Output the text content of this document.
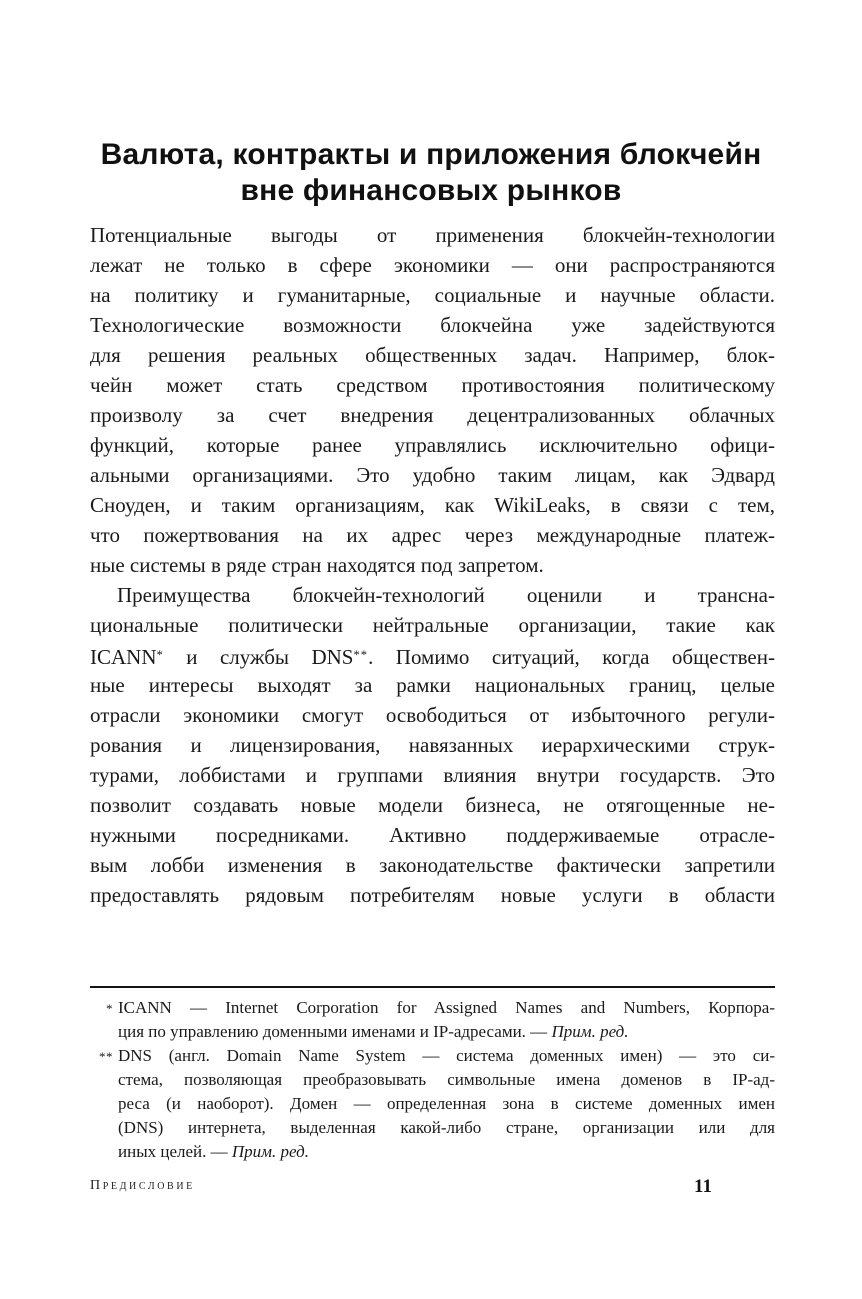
Валюта, контракты и приложения блокчейн
вне финансовых рынков
Потенциальные выгоды от применения блокчейн-технологии
лежат не только в сфере экономики — они распространяются
на политику и гуманитарные, социальные и научные области.
Технологические возможности блокчейна уже задействуются
для решения реальных общественных задач. Например, блок-
чейн может стать средством противостояния политическому
произволу за счет внедрения децентрализованных облачных
функций, которые ранее управлялись исключительно офици-
альными организациями. Это удобно таким лицам, как Эдвард
Сноуден, и таким организациям, как WikiLeaks, в связи с тем,
что пожертвования на их адрес через международные платеж-
ные системы в ряде стран находятся под запретом.
Преимущества блокчейн-технологий оценили и трансна-
циональные политически нейтральные организации, такие как
ICANN* и службы DNS**. Помимо ситуаций, когда обществен-
ные интересы выходят за рамки национальных границ, целые
отрасли экономики смогут освободиться от избыточного регули-
рования и лицензирования, навязанных иерархическими струк-
турами, лоббистами и группами влияния внутри государств. Это
позволит создавать новые модели бизнеса, не отягощенные не-
нужными посредниками. Активно поддерживаемые отрасле-
вым лобби изменения в законодательстве фактически запретили
предоставлять рядовым потребителям новые услуги в области
* ICANN — Internet Corporation for Assigned Names and Numbers, Корпора-
ция по управлению доменными именами и IP-адресами. — Прим. ред.
** DNS (англ. Domain Name System — система доменных имен) — это си-
стема, позволяющая преобразовывать символьные имена доменов в IP-ад-
реса (и наоборот). Домен — определенная зона в системе доменных имен
(DNS) интернета, выделенная какой-либо стране, организации или для
иных целей. — Прим. ред.
Предисловие	11
